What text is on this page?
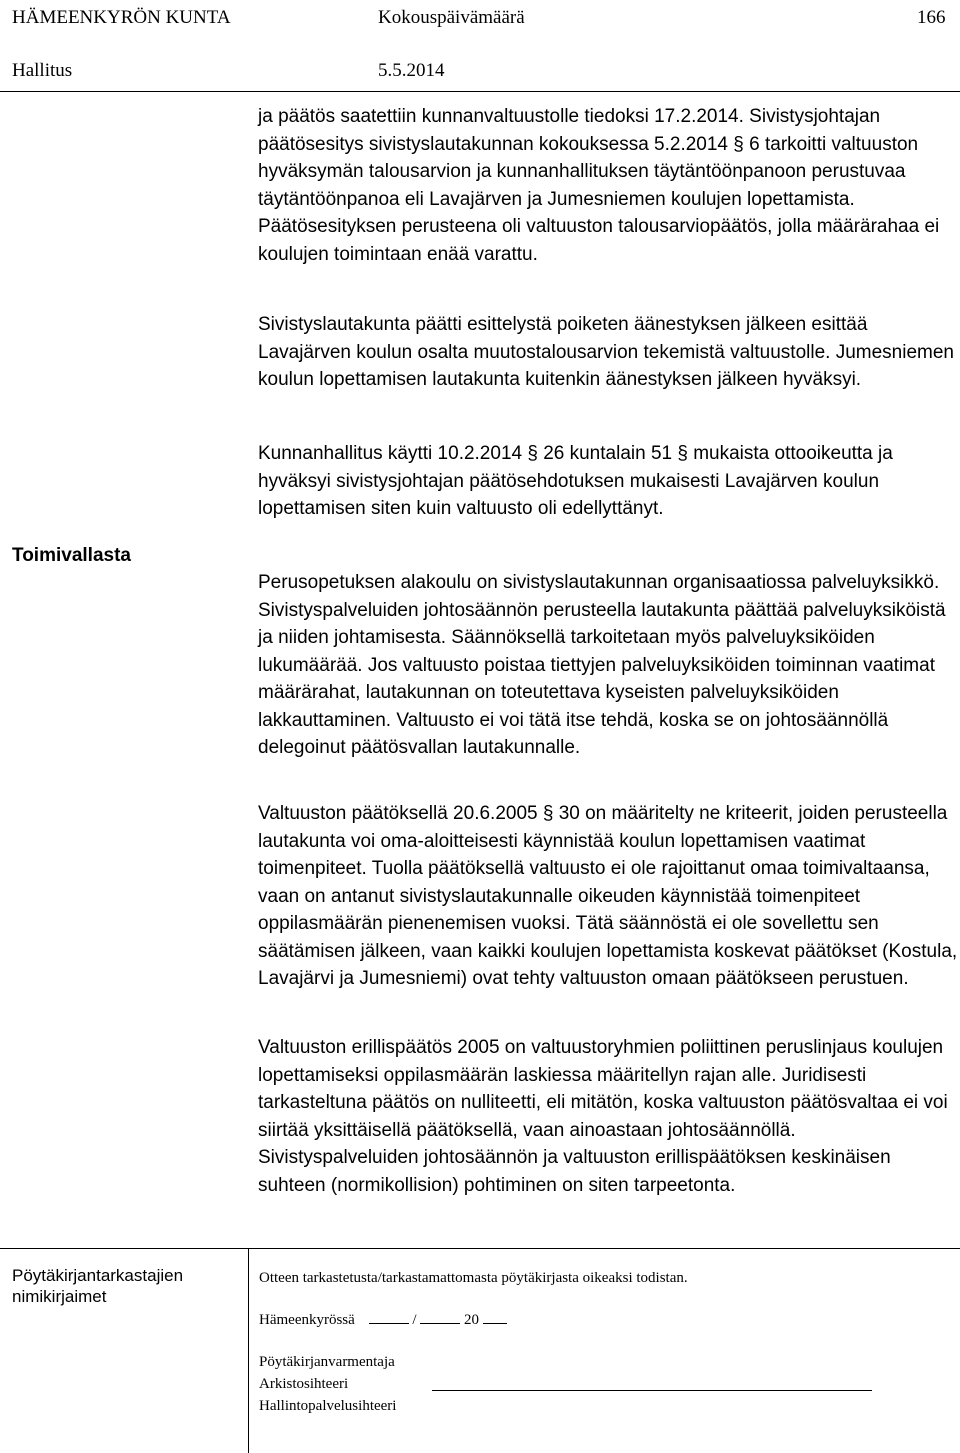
HÄMEENKYRÖN KUNTA	Kokouspäivämäärä	166
Hallitus	5.5.2014
ja päätös saatettiin kunnanvaltuustolle tiedoksi 17.2.2014. Sivistysjohtajan päätösesitys sivistyslautakunnan kokouksessa 5.2.2014 § 6 tarkoitti valtuuston hyväksymän talousarvion ja kunnanhallituksen täytäntöönpanoon perustuvaa täytäntöönpanoa eli Lavajärven ja Jumesniemen koulujen lopettamista. Päätösesityksen perusteena oli valtuuston talousarviopäätös, jolla määrärahaa ei koulujen toimintaan enää varattu.
Sivistyslautakunta päätti esittelystä poiketen äänestyksen jälkeen esittää Lavajärven koulun osalta muutostalousarvion tekemistä valtuustolle. Jumesniemen koulun lopettamisen lautakunta kuitenkin äänestyksen jälkeen hyväksyi.
Kunnanhallitus käytti 10.2.2014 § 26 kuntalain 51 § mukaista ottooikeutta ja hyväksyi sivistysjohtajan päätösehdotuksen mukaisesti Lavajärven koulun lopettamisen siten kuin valtuusto oli edellyttänyt.
Toimivallasta
Perusopetuksen alakoulu on sivistyslautakunnan organisaatiossa palveluyksikkö. Sivistyspalveluiden johtosäännön perusteella lautakunta päättää palveluyksiköistä ja niiden johtamisesta. Säännöksellä tarkoitetaan myös palveluyksiköiden lukumäärää. Jos valtuusto poistaa tiettyjen palveluyksiköiden toiminnan vaatimat määrärahat, lautakunnan on toteutettava kyseisten palveluyksiköiden lakkauttaminen. Valtuusto ei voi tätä itse tehdä, koska se on johtosäännöllä delegoinut päätösvallan lautakunnalle.
Valtuuston päätöksellä 20.6.2005 § 30 on määritelty ne kriteerit, joiden perusteella lautakunta voi oma-aloitteisesti käynnistää koulun lopettamisen vaatimat toimenpiteet. Tuolla päätöksellä valtuusto ei ole rajoittanut omaa toimivaltaansa, vaan on antanut sivistyslautakunnalle oikeuden käynnistää toimenpiteet oppilasmäärän pienenemisen vuoksi. Tätä säännöstä ei ole sovellettu sen säätämisen jälkeen, vaan kaikki koulujen lopettamista koskevat päätökset (Kostula, Lavajärvi ja Jumesniemi) ovat tehty valtuuston omaan päätökseen perustuen.
Valtuuston erillispäätös 2005 on valtuustoryhmien poliittinen peruslinjaus koulujen lopettamiseksi oppilasmäärän laskiessa määritellyn rajan alle. Juridisesti tarkasteltuna päätös on nulliteetti, eli mitätön, koska valtuuston päätösvaltaa ei voi siirtää yksittäisellä päätöksellä, vaan ainoastaan johtosäännöllä. Sivistyspalveluiden johtosäännön ja valtuuston erillispäätöksen keskinäisen suhteen (normikollision) pohtiminen on siten tarpeetonta.
Pöytäkirjantarkastajien
nimikirjaimet
Otteen tarkastetusta/tarkastamattomasta pöytäkirjasta oikeaksi todistan.
Hämeenkyrössä	/	20
Pöytäkirjanvarmentaja
Arkistosihteeri
Hallintopalvelusihteeri
